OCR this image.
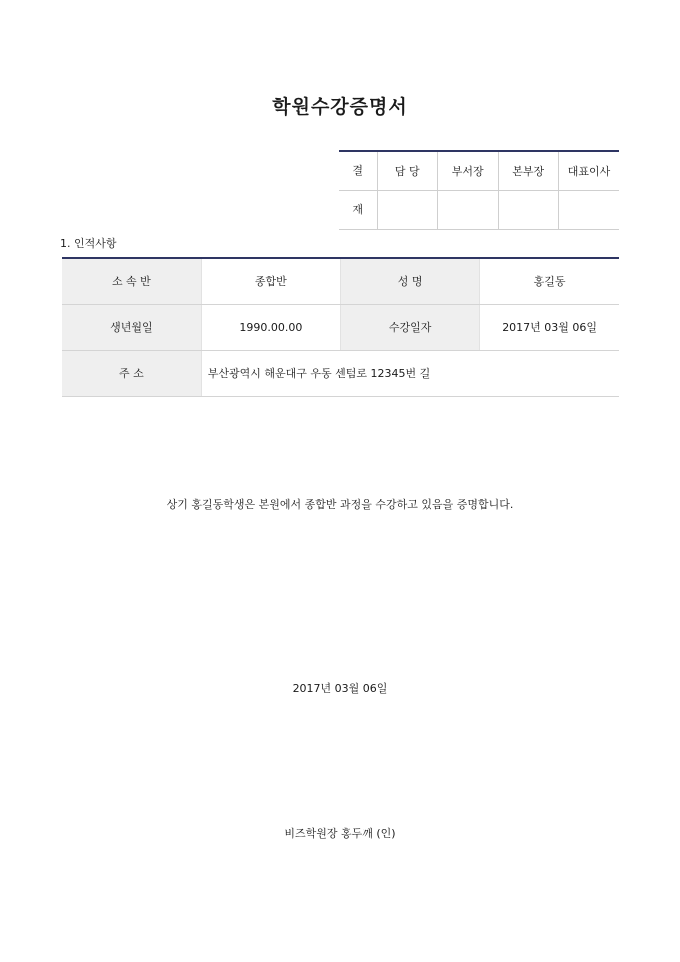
학원수강증명서
결	담 당	부서장	본부장	대표이사
재				
1. 인적사항
소 속 반	종합반	성 명	홍길동
생년월일	1990.00.00	수강일자	2017년 03월 06일
주 소	부산광역시 해운대구 우동 센텀로 12345번 길		
상기 홍길동학생은 본원에서 종합반 과정을 수강하고 있음을 증명합니다.
2017년 03월 06일
비즈학원장 홍두깨 (인)
